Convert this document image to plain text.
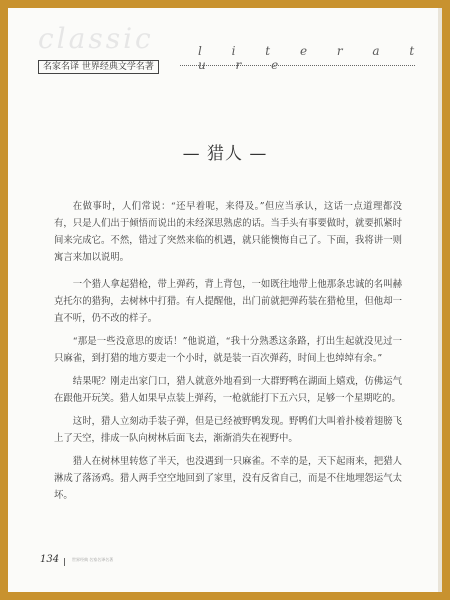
classic	l i t e r a t u r e
名家名译 世界经典文学名著
— 猎人 —

在做事时，人们常说：“还早着呢，来得及。”但应当承认，这话一点道理都没有，只是人们出于倾悟而说出的未经深思熟虑的话。当手头有事要做时，就要抓紧时间来完成它。不然，错过了突然来临的机遇，就只能懊悔自己了。下面，我将讲一则寓言来加以说明。

一个猎人拿起猎枪，带上弹药，背上背包，一如既往地带上他那条忠诚的名叫赫克托尔的猎狗，去树林中打猎。有人提醒他，出门前就把弹药装在猎枪里，但他却一直不听，仍不改的样子。

“那是一些没意思的废话！”他说道，“我十分熟悉这条路，打出生起就没见过一只麻雀，到打猎的地方要走一个小时，就是装一百次弹药，时间上也绰绰有余。”

结果呢？刚走出家门口，猎人就意外地看到一大群野鸭在湖面上嬉戏，仿佛运气在跟他开玩笑。猎人如果早点装上弹药，一枪就能打下五六只，足够一个星期吃的。

这时，猎人立刻动手装子弹，但是已经被野鸭发现。野鸭们大叫着扑棱着翅膀飞上了天空，排成一队向树林后面飞去，渐渐消失在视野中。

猎人在树林里转悠了半天，也没遇到一只麻雀。不幸的是，天下起雨来，把猎人淋成了落汤鸡。猎人两手空空地回到了家里，没有反省自己，而是不住地埋怨运气太坏。

134	世界经典 名家名译名著
